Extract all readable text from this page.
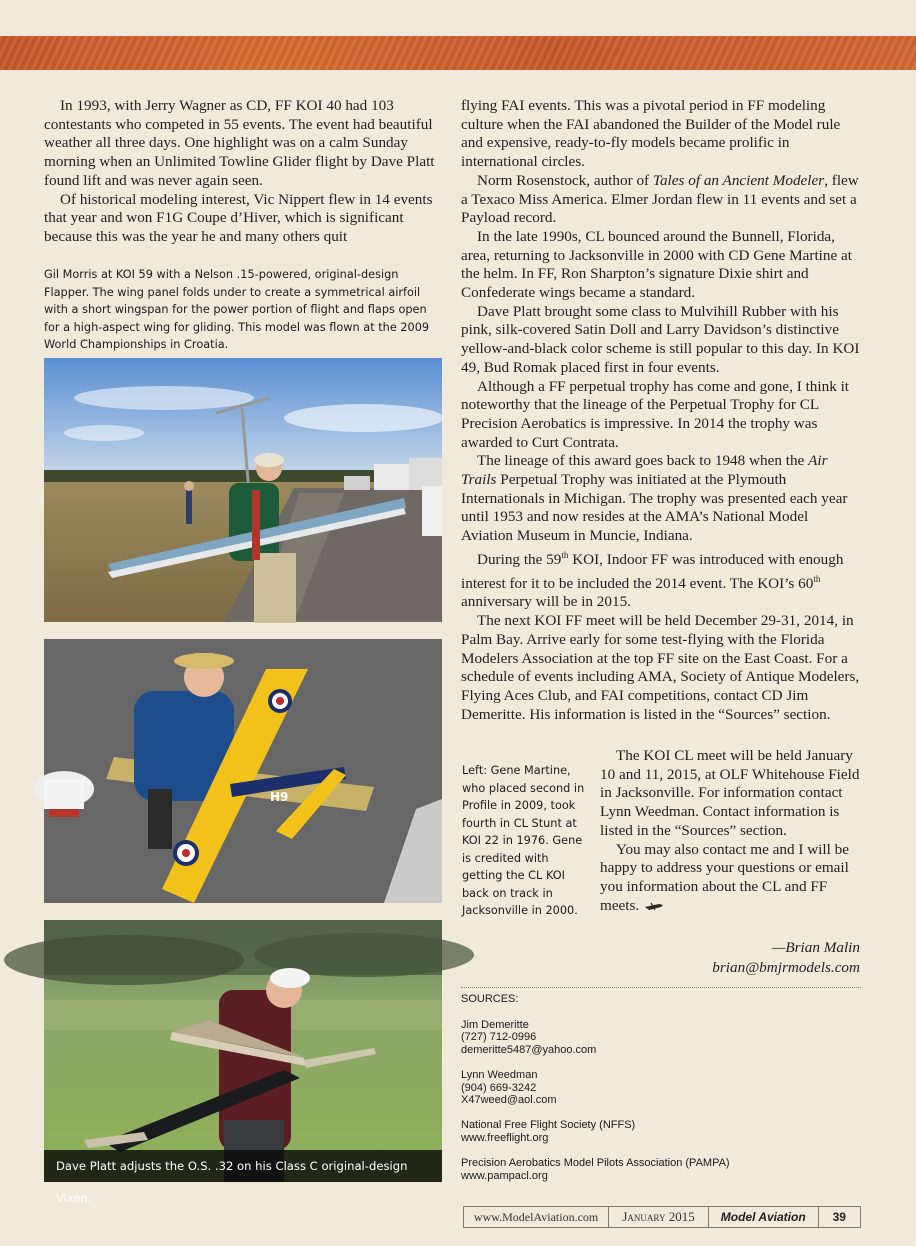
In 1993, with Jerry Wagner as CD, FF KOI 40 had 103 contestants who competed in 55 events. The event had beautiful weather all three days. One highlight was on a calm Sunday morning when an Unlimited Towline Glider flight by Dave Platt found lift and was never again seen.

Of historical modeling interest, Vic Nippert flew in 14 events that year and won F1G Coupe d’Hiver, which is significant because this was the year he and many others quit

Gil Morris at KOI 59 with a Nelson .15-powered, original-design Flapper. The wing panel folds under to create a symmetrical airfoil with a short wingspan for the power portion of flight and flaps open for a high-aspect wing for gliding. This model was flown at the 2009 World Championships in Croatia.
H9
Dave Platt adjusts the O.S. .32 on his Class C original-design Vixen.

flying FAI events. This was a pivotal period in FF modeling culture when the FAI abandoned the Builder of the Model rule and expensive, ready-to-fly models became prolific in international circles.

Norm Rosenstock, author of Tales of an Ancient Modeler, flew a Texaco Miss America. Elmer Jordan flew in 11 events and set a Payload record.

In the late 1990s, CL bounced around the Bunnell, Florida, area, returning to Jacksonville in 2000 with CD Gene Martine at the helm. In FF, Ron Sharpton’s signature Dixie shirt and Confederate wings became a standard.

Dave Platt brought some class to Mulvihill Rubber with his pink, silk-covered Satin Doll and Larry Davidson’s distinctive yellow-and-black color scheme is still popular to this day. In KOI 49, Bud Romak placed first in four events.

Although a FF perpetual trophy has come and gone, I think it noteworthy that the lineage of the Perpetual Trophy for CL Precision Aerobatics is impressive. In 2014 the trophy was awarded to Curt Contrata.

The lineage of this award goes back to 1948 when the Air Trails Perpetual Trophy was initiated at the Plymouth Internationals in Michigan. The trophy was presented each year until 1953 and now resides at the AMA’s National Model Aviation Museum in Muncie, Indiana.

During the 59th KOI, Indoor FF was introduced with enough interest for it to be included the 2014 event. The KOI’s 60th anniversary will be in 2015.

The next KOI FF meet will be held December 29-31, 2014, in Palm Bay. Arrive early for some test-flying with the Florida Modelers Association at the top FF site on the East Coast. For a schedule of events including AMA, Society of Antique Modelers, Flying Aces Club, and FAI competitions, contact CD Jim Demeritte. His information is listed in the “Sources” section.

Left: Gene Martine, who placed second in Profile in 2009, took fourth in CL Stunt at KOI 22 in 1976. Gene is credited with getting the CL KOI back on track in Jacksonville in 2000.

The KOI CL meet will be held January 10 and 11, 2015, at OLF Whitehouse Field in Jacksonville. For information contact Lynn Weedman. Contact information is listed in the “Sources” section.

You may also contact me and I will be happy to address your questions or email you information about the CL and FF meets.

—Brian Malin
brian@bmjrmodels.com
SOURCES:
Jim Demeritte
(727) 712-0996
demeritte5487@yahoo.com
Lynn Weedman
(904) 669-3242
X47weed@aol.com
National Free Flight Society (NFFS)
www.freeflight.org
Precision Aerobatics Model Pilots Association (PAMPA)
www.pampacl.org
www.ModelAviation.com	January 2015	Model Aviation	39
